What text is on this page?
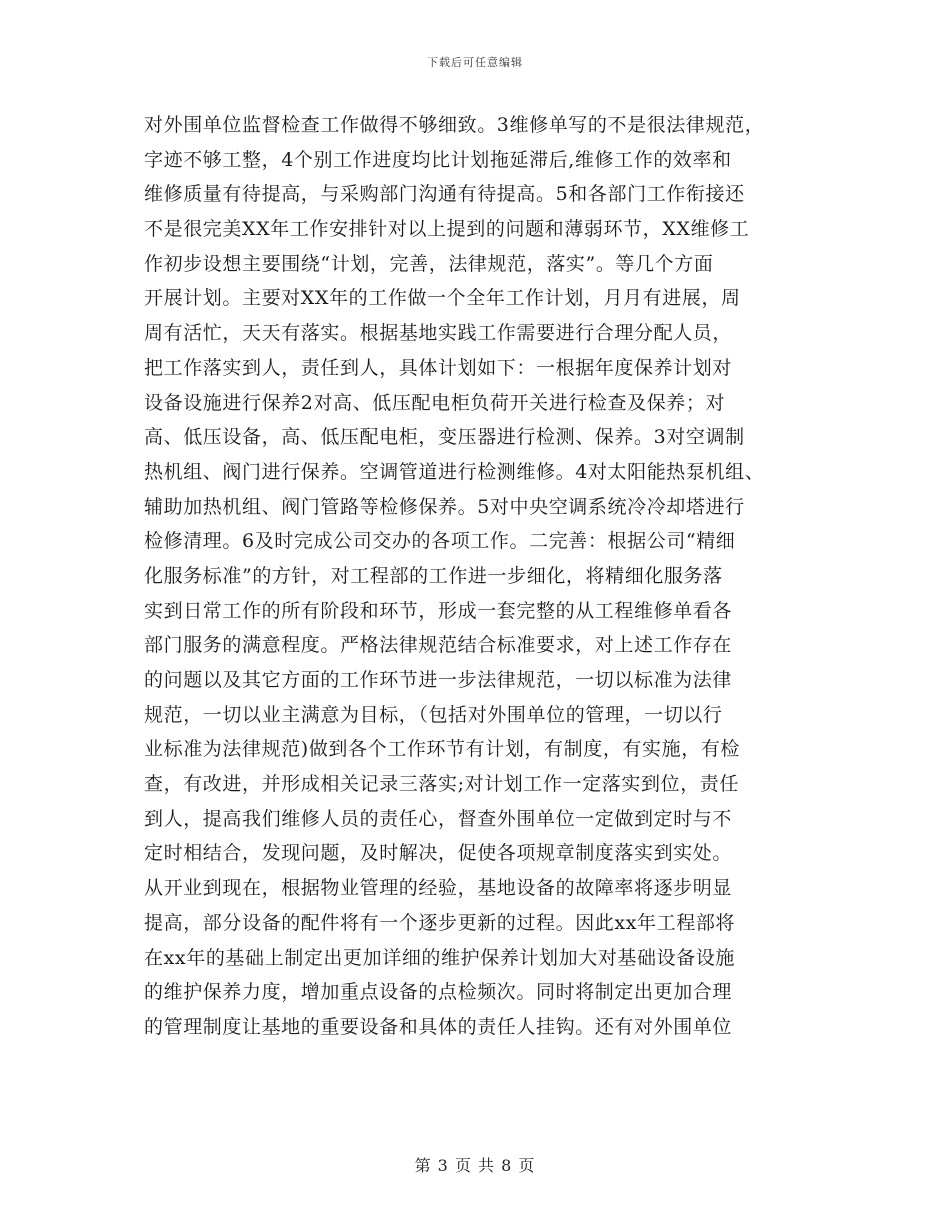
下载后可任意编辑
对外围单位监督检查工作做得不够细致。3维修单写的不是很法律规范，
字迹不够工整，4个别工作进度均比计划拖延滞后,维修工作的效率和
维修质量有待提高，与采购部门沟通有待提高。5和各部门工作衔接还
不是很完美XX年工作安排针对以上提到的问题和薄弱环节，XX维修工
作初步设想主要围绕“计划，完善，法律规范，落实”。等几个方面
开展计划。主要对XX年的工作做一个全年工作计划，月月有进展，周
周有活忙，天天有落实。根据基地实践工作需要进行合理分配人员，
把工作落实到人，责任到人，具体计划如下：一根据年度保养计划对
设备设施进行保养2对高、低压配电柜负荷开关进行检查及保养；对
高、低压设备，高、低压配电柜，变压器进行检测、保养。3对空调制
热机组、阀门进行保养。空调管道进行检测维修。4对太阳能热泵机组、
辅助加热机组、阀门管路等检修保养。5对中央空调系统冷冷却塔进行
检修清理。6及时完成公司交办的各项工作。二完善：根据公司“精细
化服务标准”的方针，对工程部的工作进一步细化，将精细化服务落
实到日常工作的所有阶段和环节，形成一套完整的从工程维修单看各
部门服务的满意程度。严格法律规范结合标准要求，对上述工作存在
的问题以及其它方面的工作环节进一步法律规范，一切以标准为法律
规范，一切以业主满意为目标，（包括对外围单位的管理，一切以行
业标准为法律规范)做到各个工作环节有计划，有制度，有实施，有检
查，有改进，并形成相关记录三落实;对计划工作一定落实到位，责任
到人，提高我们维修人员的责任心，督查外围单位一定做到定时与不
定时相结合，发现问题，及时解决，促使各项规章制度落实到实处。
从开业到现在，根据物业管理的经验，基地设备的故障率将逐步明显
提高，部分设备的配件将有一个逐步更新的过程。因此xx年工程部将
在xx年的基础上制定出更加详细的维护保养计划加大对基础设备设施
的维护保养力度，增加重点设备的点检频次。同时将制定出更加合理
的管理制度让基地的重要设备和具体的责任人挂钩。还有对外围单位
第 3 页 共 8 页
